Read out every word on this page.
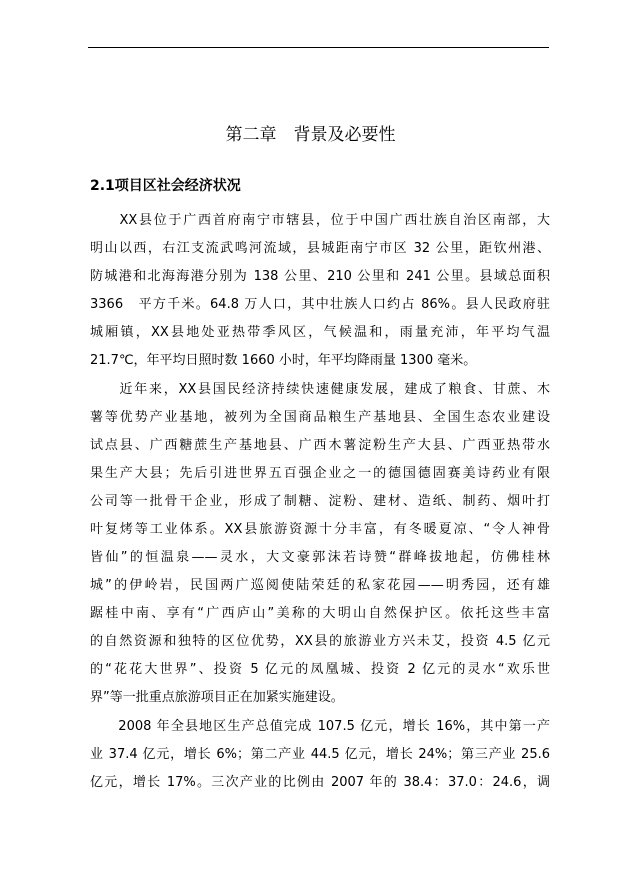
第二章　背景及必要性
2.1项目区社会经济状况
　　XX县位于广西首府南宁市辖县，位于中国广西壮族自治区南部，大
明山以西，右江支流武鸣河流域，县城距南宁市区 32 公里，距钦州港、
防城港和北海海港分别为 138 公里、210 公里和 241 公里。县域总面积
3366　平方千米。64.8 万人口，其中壮族人口约占 86%。县人民政府驻
城厢镇，XX县地处亚热带季风区，气候温和，雨量充沛，年平均气温
21.7℃，年平均日照时数 1660 小时，年平均降雨量 1300 毫米。
　　近年来，XX县国民经济持续快速健康发展，建成了粮食、甘蔗、木
薯等优势产业基地，被列为全国商品粮生产基地县、全国生态农业建设
试点县、广西糖蔗生产基地县、广西木薯淀粉生产大县、广西亚热带水
果生产大县；先后引进世界五百强企业之一的德国德固赛美诗药业有限
公司等一批骨干企业，形成了制糖、淀粉、建材、造纸、制药、烟叶打
叶复烤等工业体系。XX县旅游资源十分丰富，有冬暖夏凉、“令人神骨
皆仙”的恒温泉——灵水，大文豪郭沫若诗赞“群峰拔地起，仿佛桂林
城”的伊岭岩，民国两广巡阅使陆荣廷的私家花园——明秀园，还有雄
踞桂中南、享有“广西庐山”美称的大明山自然保护区。依托这些丰富
的自然资源和独特的区位优势，XX县的旅游业方兴未艾，投资 4.5 亿元
的“花花大世界”、投资 5 亿元的凤凰城、投资 2 亿元的灵水“欢乐世
界”等一批重点旅游项目正在加紧实施建设。
　　2008 年全县地区生产总值完成 107.5 亿元，增长 16%，其中第一产
业 37.4 亿元，增长 6%；第二产业 44.5 亿元，增长 24%；第三产业 25.6
亿元，增长 17%。三次产业的比例由 2007 年的 38.4：37.0：24.6，调
